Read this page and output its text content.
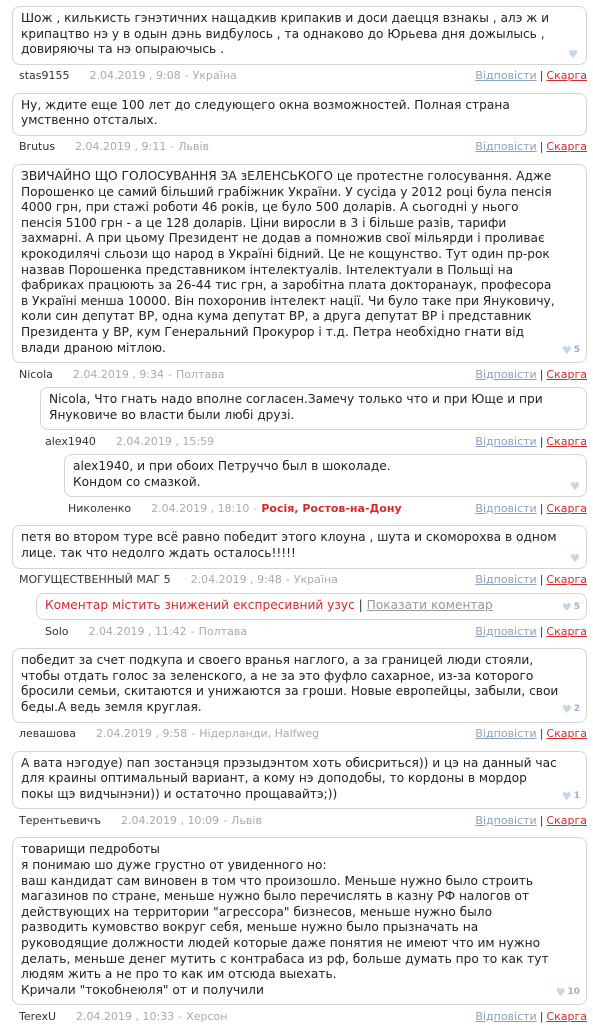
Шож , килькисть гэнэтичних нащадкив крипакив и доси даецця взнакы , алэ ж и крипацтво нэ у в одын дэнь видбулось , та однаково до Юрьева дня дожылысь , довиряючы та нэ опыраючысь .	♥
stas9155 2.04.2019 , 9:08 - Україна	Відповісти | Скарга
Ну, ждите еще 100 лет до следующего окна возможностей. Полная страна умственно отсталых.
Brutus 2.04.2019 , 9:11 - Львів	Відповісти | Скарга
ЗВИЧАЙНО ЩО ГОЛОСУВАННЯ ЗА зЕЛЕНСЬКОГО це протестне голосування. Адже Порошенко це самий більший грабіжник України. У сусіда у 2012 році була пенсія 4000 грн, при стажі роботи 46 років, це було 500 доларів. А сьогодні у нього пенсія 5100 грн - а це 128 доларів. Ціни виросли в 3 і більше разів, тарифи захмарні. А при цьому Президент не додав а помножив свої мільярди і проливає крокодилячі сльози що народ в Україні бідний. Це не кощунство. Тут один пр-рок назвав Порошенка представником інтелектуалів. Інтелектуали в Польщі на фабриках працюють за 26-44 тис грн, а заробітна плата докторанаук, професора в Україні менша 10000. Він похоронив інтелект нації. Чи було таке при Януковичу, коли син депутат ВР, одна кума депутат ВР, а друга депутат ВР і представник Президента у ВР, кум Генеральний Прокурор і т.д. Петра необхідно гнати від влади драною мітлою.	♥ 5
Nicola 2.04.2019 , 9:34 - Полтава	Відповісти | Скарга
Nicola, Что гнать надо вполне согласен.Замечу только что и при Юще и при Януковиче во власти были любі друзі.
alex1940 2.04.2019 , 15:59	Відповісти | Скарга
alex1940, и при обоих Петруччо был в шоколаде.
Кондом со смазкой.	♥
Николенко 2.04.2019 , 18:10 - Росія, Ростов-на-Дону	Відповісти | Скарга
петя во втором туре всё равно победит этого клоуна , шута и скоморохва в одном лице. так что недолго ждать осталось!!!!!	♥
МОГУЩЕСТВЕННЫЙ МАГ 5 2.04.2019 , 9:48 - Україна	Відповісти | Скарга
Коментар містить знижений експресивний узус | Показати коментар	♥ 5
Solo 2.04.2019 , 11:42 - Полтава	Відповісти | Скарга
победит за счет подкупа и своего вранья наглого, а за границей люди стояли, чтобы отдать голос за зеленского, а не за это фуфло сахарное, из-за которого бросили семьи, скитаются и унижаются за гроши. Новые европейцы, забыли, свои беды.А ведь земля круглая.	♥ 2
левашова 2.04.2019 , 9:58 - Нідерланди, Halfweg	Відповісти | Скарга
А вата нэгодуе) пап зостанэця прэзыдэнтом хоть обисриться)) и цэ на данный час для краины оптимальный вариант, а кому нэ доподобы, то кордоны в мордор покы щэ видчынэни)) и остаточно прощавайтэ;))	♥ 1
Терентьевичъ 2.04.2019 , 10:09 - Львів	Відповісти | Скарга
товарищи педроботы
я понимаю шо дуже грустно от увиденного но:
ваш кандидат сам виновен в том что произошло. Меньше нужно было строить магазинов по стране, меньше нужно было перечислять в казну РФ налогов от действующих на территории "агрессора" бизнесов, меньше нужно было разводить кумовство вокруг себя, меньше нужно было прызначать на руководящие должности людей которые даже понятия не имеют что им нужно делать, меньше денег мутить с контрабаса из рф, больше думать про то как тут людям жить а не про то как им отсюда выехать.
Кричали "токобнеюля" от и получили	♥ 10
TerexU 2.04.2019 , 10:33 - Херсон	Відповісти | Скарга
